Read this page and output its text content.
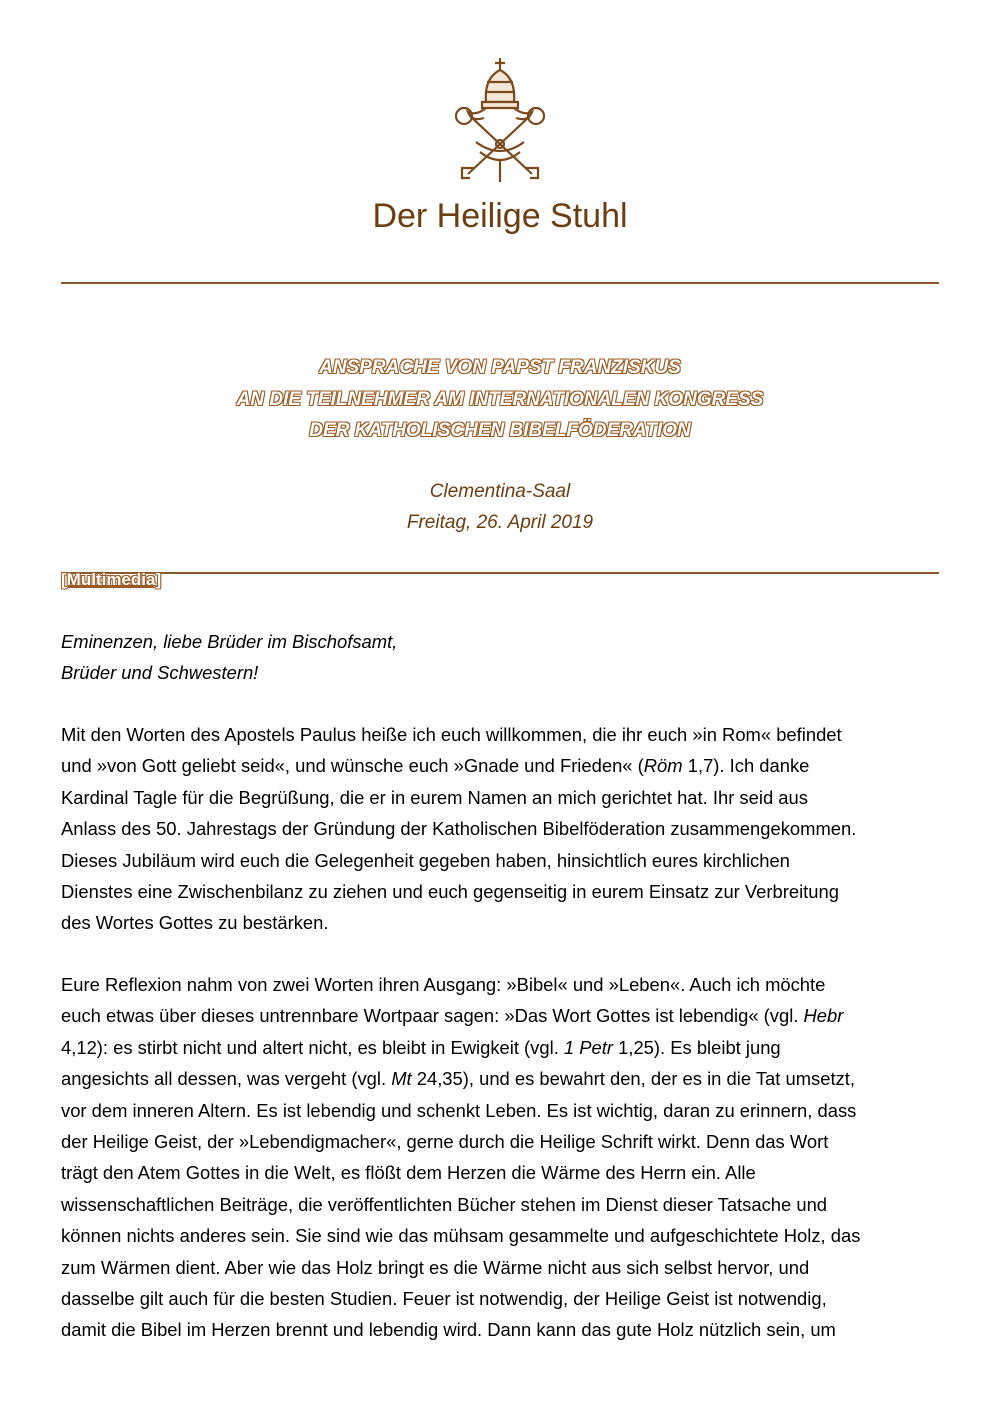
Der Heilige Stuhl
ANSPRACHE VON PAPST FRANZISKUS
AN DIE TEILNEHMER AM INTERNATIONALEN KONGRESS
DER KATHOLISCHEN BIBELFÖDERATION
Clementina-Saal
Freitag, 26. April 2019
[Multimedia]
Eminenzen, liebe Brüder im Bischofsamt,
Brüder und Schwestern!
Mit den Worten des Apostels Paulus heiße ich euch willkommen, die ihr euch »in Rom« befindet
und »von Gott geliebt seid«, und wünsche euch »Gnade und Frieden« (Röm 1,7). Ich danke
Kardinal Tagle für die Begrüßung, die er in eurem Namen an mich gerichtet hat. Ihr seid aus
Anlass des 50. Jahrestags der Gründung der Katholischen Bibelföderation zusammengekommen.
Dieses Jubiläum wird euch die Gelegenheit gegeben haben, hinsichtlich eures kirchlichen
Dienstes eine Zwischenbilanz zu ziehen und euch gegenseitig in eurem Einsatz zur Verbreitung
des Wortes Gottes zu bestärken.
Eure Reflexion nahm von zwei Worten ihren Ausgang: »Bibel« und »Leben«. Auch ich möchte
euch etwas über dieses untrennbare Wortpaar sagen: »Das Wort Gottes ist lebendig« (vgl. Hebr
4,12): es stirbt nicht und altert nicht, es bleibt in Ewigkeit (vgl. 1 Petr 1,25). Es bleibt jung
angesichts all dessen, was vergeht (vgl. Mt 24,35), und es bewahrt den, der es in die Tat umsetzt,
vor dem inneren Altern. Es ist lebendig und schenkt Leben. Es ist wichtig, daran zu erinnern, dass
der Heilige Geist, der »Lebendigmacher«, gerne durch die Heilige Schrift wirkt. Denn das Wort
trägt den Atem Gottes in die Welt, es flößt dem Herzen die Wärme des Herrn ein. Alle
wissenschaftlichen Beiträge, die veröffentlichten Bücher stehen im Dienst dieser Tatsache und
können nichts anderes sein. Sie sind wie das mühsam gesammelte und aufgeschichtete Holz, das
zum Wärmen dient. Aber wie das Holz bringt es die Wärme nicht aus sich selbst hervor, und
dasselbe gilt auch für die besten Studien. Feuer ist notwendig, der Heilige Geist ist notwendig,
damit die Bibel im Herzen brennt und lebendig wird. Dann kann das gute Holz nützlich sein, um
